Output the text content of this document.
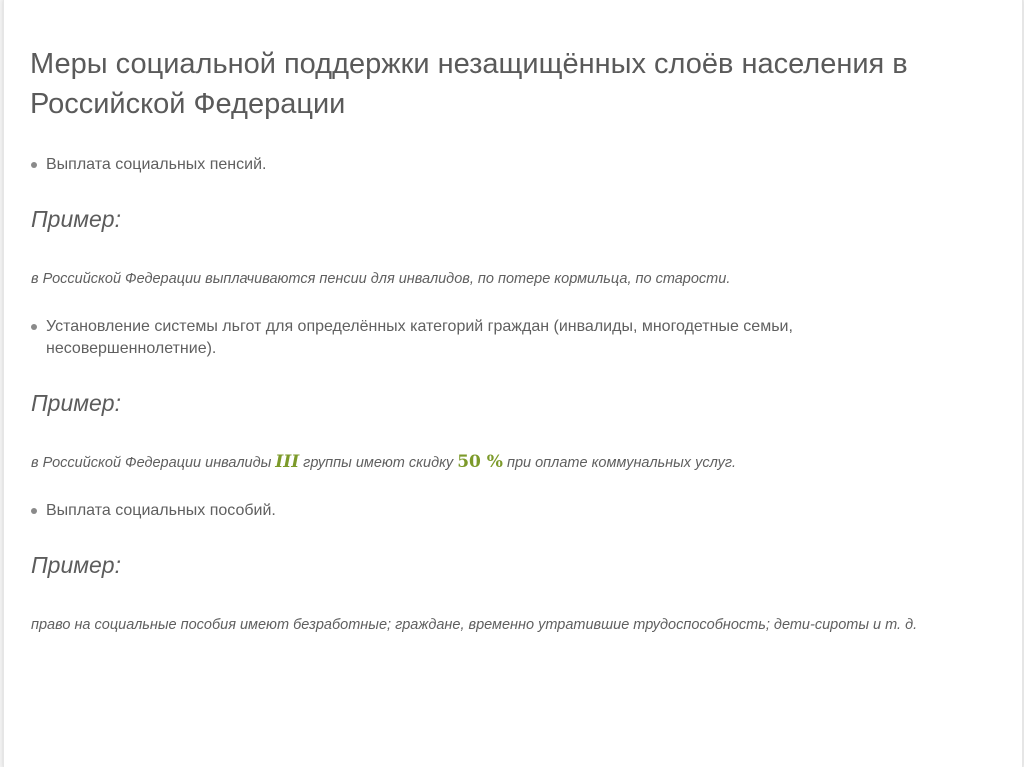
Меры социальной поддержки незащищённых слоёв населения в Российской Федерации
Выплата социальных пенсий.
Пример:
в Российской Федерации выплачиваются пенсии для инвалидов, по потере кормильца, по старости.
Установление системы льгот для определённых категорий граждан (инвалиды, многодетные семьи, несовершеннолетние).
Пример:
в Российской Федерации инвалиды III группы имеют скидку 50 % при оплате коммунальных услуг.
Выплата социальных пособий.
Пример:
право на социальные пособия имеют безработные; граждане, временно утратившие трудоспособность; дети-сироты и т. д.
